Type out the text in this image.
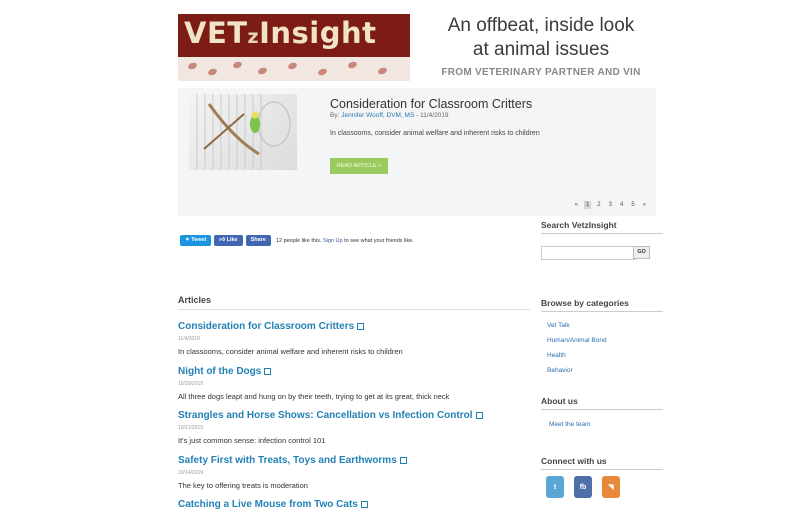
VETzInsight	An offbeat, inside look
at animal issues
FROM VETERINARY PARTNER AND VIN
Consideration for Classroom Critters
By: Jennifer Wooff, DVM, MS - 11/4/2019
In classooms, consider animal welfare and inherent risks to children
READ ARTICLE »
«	1	2	3	4	5	»
✦ Tweet	👍︎ Like	Share	12 people like this. Sign Up to see what your friends like.
Articles
Consideration for Classroom Critters
11/4/2019
In classooms, consider animal welfare and inherent risks to children
Night of the Dogs
10/29/2019
All three dogs leapt and hung on by their teeth, trying to get at its great, thick neck
Strangles and Horse Shows: Cancellation vs Infection Control
10/21/2019
It's just common sense: infection control 101
Safety First with Treats, Toys and Earthworms
10/14/2019
The key to offering treats is moderation
Catching a Live Mouse from Two Cats
Search VetzInsight
GO
Browse by categories
Vet Talk
Human/Animal Bond
Health
Behavior
About us
Meet the team
Connect with us
t	fb	◥
